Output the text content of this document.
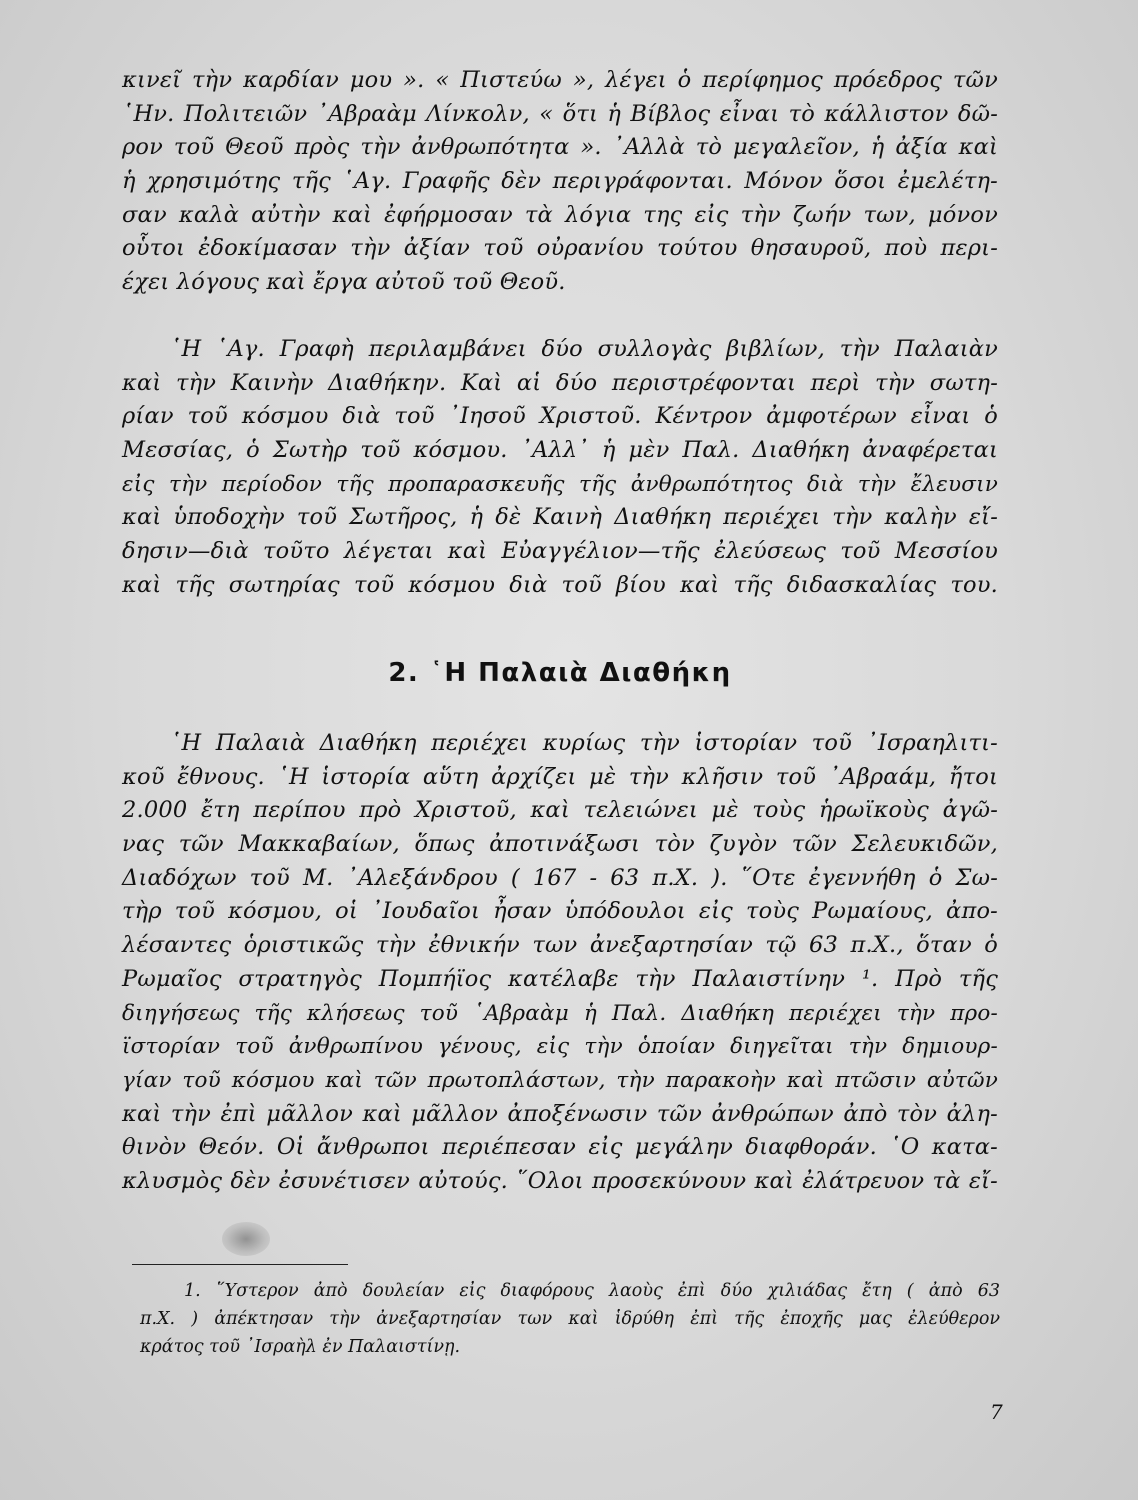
κινεῖ τὴν καρδίαν μου ». « Πιστεύω », λέγει ὁ περίφημος πρόεδρος τῶν
῾Ην. Πολιτειῶν ᾿Αβραὰμ Λίνκολν, « ὅτι ἡ Βίβλος εἶναι τὸ κάλλιστον δῶ-
ρον τοῦ Θεοῦ πρὸς τὴν ἀνθρωπότητα ». ᾿Αλλὰ τὸ μεγαλεῖον, ἡ ἀξία καὶ
ἡ χρησιμότης τῆς ῾Αγ. Γραφῆς δὲν περιγράφονται. Μόνον ὅσοι ἐμελέτη-
σαν καλὰ αὐτὴν καὶ ἐφήρμοσαν τὰ λόγια της εἰς τὴν ζωήν των, μόνον
οὗτοι ἐδοκίμασαν τὴν ἀξίαν τοῦ οὐρανίου τούτου θησαυροῦ, ποὺ περι-
έχει λόγους καὶ ἔργα αὐτοῦ τοῦ Θεοῦ.
῾Η ῾Αγ. Γραφὴ περιλαμβάνει δύο συλλογὰς βιβλίων, τὴν Παλαιὰν
καὶ τὴν Καινὴν Διαθήκην. Καὶ αἱ δύο περιστρέφονται περὶ τὴν σωτη-
ρίαν τοῦ κόσμου διὰ τοῦ ᾿Ιησοῦ Χριστοῦ. Κέντρον ἀμφοτέρων εἶναι ὁ
Μεσσίας, ὁ Σωτὴρ τοῦ κόσμου. ᾿Αλλ᾿ ἡ μὲν Παλ. Διαθήκη ἀναφέρεται
εἰς τὴν περίοδον τῆς προπαρασκευῆς τῆς ἀνθρωπότητος διὰ τὴν ἔλευσιν
καὶ ὑποδοχὴν τοῦ Σωτῆρος, ἡ δὲ Καινὴ Διαθήκη περιέχει τὴν καλὴν εἴ-
δησιν—διὰ τοῦτο λέγεται καὶ Εὐαγγέλιον—τῆς ἐλεύσεως τοῦ Μεσσίου
καὶ τῆς σωτηρίας τοῦ κόσμου διὰ τοῦ βίου καὶ τῆς διδασκαλίας του.
2. ῾Η Παλαιὰ Διαθήκη
῾Η Παλαιὰ Διαθήκη περιέχει κυρίως τὴν ἱστορίαν τοῦ ᾿Ισραηλιτι-
κοῦ ἔθνους. ῾Η ἱστορία αὕτη ἀρχίζει μὲ τὴν κλῆσιν τοῦ ᾿Αβραάμ, ἤτοι
2.000 ἔτη περίπου πρὸ Χριστοῦ, καὶ τελειώνει μὲ τοὺς ἡρωϊκοὺς ἀγῶ-
νας τῶν Μακκαβαίων, ὅπως ἀποτινάξωσι τὸν ζυγὸν τῶν Σελευκιδῶν,
Διαδόχων τοῦ Μ. ᾿Αλεξάνδρου ( 167 - 63 π.Χ. ). ῞Οτε ἐγεννήθη ὁ Σω-
τὴρ τοῦ κόσμου, οἱ ᾿Ιουδαῖοι ἦσαν ὑπόδουλοι εἰς τοὺς Ρωμαίους, ἀπο-
λέσαντες ὁριστικῶς τὴν ἐθνικήν των ἀνεξαρτησίαν τῷ 63 π.Χ., ὅταν ὁ
Ρωμαῖος στρατηγὸς Πομπήϊος κατέλαβε τὴν Παλαιστίνην ¹. Πρὸ τῆς
διηγήσεως τῆς κλήσεως τοῦ ῾Αβραὰμ ἡ Παλ. Διαθήκη περιέχει τὴν προ-
ϊστορίαν τοῦ ἀνθρωπίνου γένους, εἰς τὴν ὁποίαν διηγεῖται τὴν δημιουρ-
γίαν τοῦ κόσμου καὶ τῶν πρωτοπλάστων, τὴν παρακοὴν καὶ πτῶσιν αὐτῶν
καὶ τὴν ἐπὶ μᾶλλον καὶ μᾶλλον ἀποξένωσιν τῶν ἀνθρώπων ἀπὸ τὸν ἀλη-
θινὸν Θεόν. Οἱ ἄνθρωποι περιέπεσαν εἰς μεγάλην διαφθοράν. ῾Ο κατα-
κλυσμὸς δὲν ἐσυνέτισεν αὐτούς. ῞Ολοι προσεκύνουν καὶ ἐλάτρευον τὰ εἴ-
1. ῞Υστερον ἀπὸ δουλείαν εἰς διαφόρους λαοὺς ἐπὶ δύο χιλιάδας ἔτη ( ἀπὸ 63
π.Χ. ) ἀπέκτησαν τὴν ἀνεξαρτησίαν των καὶ ἱδρύθη ἐπὶ τῆς ἐποχῆς μας ἐλεύθερον
κράτος τοῦ ᾿Ισραὴλ ἐν Παλαιστίνῃ.
7
